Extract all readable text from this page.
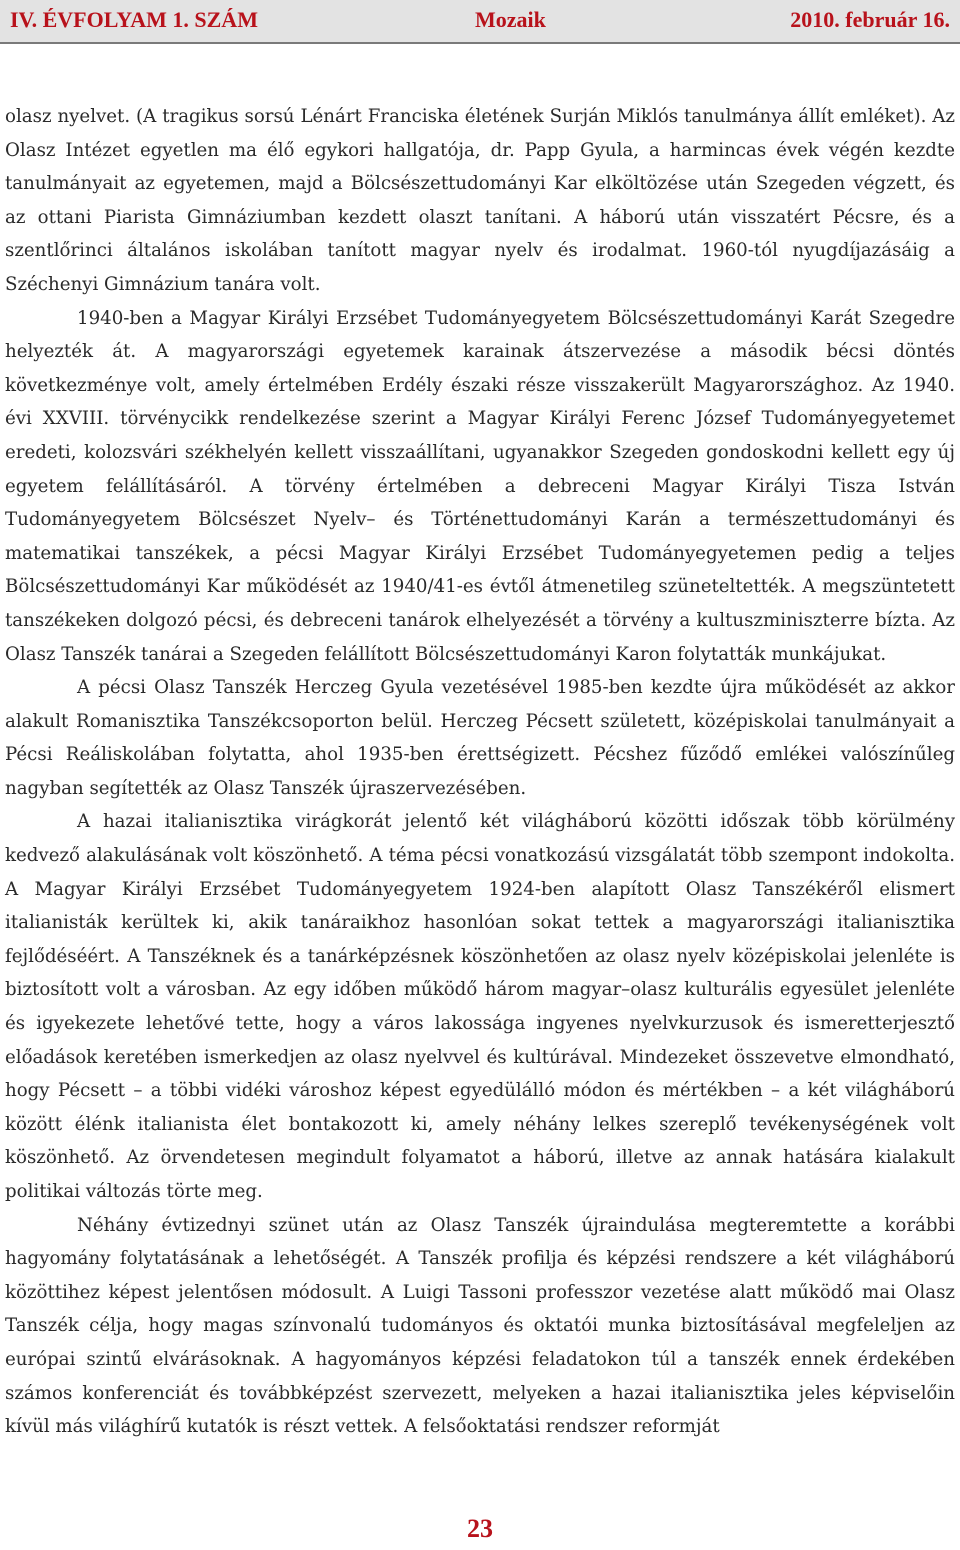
IV. ÉVFOLYAM 1. SZÁM	Mozaik	2010. február 16.

olasz nyelvet. (A tragikus sorsú Lénárt Franciska életének Surján Miklós tanulmánya állít emléket). Az Olasz Intézet egyetlen ma élő egykori hallgatója, dr. Papp Gyula, a harmincas évek végén kezdte tanulmányait az egyetemen, majd a Bölcsészettudományi Kar elköltözése után Szegeden végzett, és az ottani Piarista Gimnáziumban kezdett olaszt tanítani. A háború után visszatért Pécsre, és a szentlőrinci általános iskolában tanított magyar nyelv és irodalmat. 1960-tól nyugdíjazásáig a Széchenyi Gimnázium tanára volt.

1940-ben a Magyar Királyi Erzsébet Tudományegyetem Bölcsészettudományi Karát Szegedre helyezték át. A magyarországi egyetemek karainak átszervezése a második bécsi döntés következménye volt, amely értelmében Erdély északi része visszakerült Magyarországhoz. Az 1940. évi XXVIII. törvénycikk rendelkezése szerint a Magyar Királyi Ferenc József Tudományegyetemet eredeti, kolozsvári székhelyén kellett visszaállítani, ugyanakkor Szegeden gondoskodni kellett egy új egyetem felállításáról. A törvény értelmében a debreceni Magyar Királyi Tisza István Tudományegyetem Bölcsészet Nyelv– és Történettudományi Karán a természettudományi és matematikai tanszékek, a pécsi Magyar Királyi Erzsébet Tudományegyetemen pedig a teljes Bölcsészettudományi Kar működését az 1940/41-es évtől átmenetileg szüneteltették. A megszüntetett tanszékeken dolgozó pécsi, és debreceni tanárok elhelyezését a törvény a kultuszminiszterre bízta. Az Olasz Tanszék tanárai a Szegeden felállított Bölcsészettudományi Karon folytatták munkájukat.

A pécsi Olasz Tanszék Herczeg Gyula vezetésével 1985-ben kezdte újra működését az akkor alakult Romanisztika Tanszékcsoporton belül. Herczeg Pécsett született, középiskolai tanulmányait a Pécsi Reáliskolában folytatta, ahol 1935-ben érettségizett. Pécshez fűződő emlékei valószínűleg nagyban segítették az Olasz Tanszék újraszervezésében.

A hazai italianisztika virágkorát jelentő két világháború közötti időszak több körülmény kedvező alakulásának volt köszönhető. A téma pécsi vonatkozású vizsgálatát több szempont indokolta. A Magyar Királyi Erzsébet Tudományegyetem 1924-ben alapított Olasz Tanszékéről elismert italianisták kerültek ki, akik tanáraikhoz hasonlóan sokat tettek a magyarországi italianisztika fejlődéséért. A Tanszéknek és a tanárképzésnek köszönhetően az olasz nyelv középiskolai jelenléte is biztosított volt a városban. Az egy időben működő három magyar–olasz kulturális egyesület jelenléte és igyekezete lehetővé tette, hogy a város lakossága ingyenes nyelvkurzusok és ismeretterjesztő előadások keretében ismerkedjen az olasz nyelvvel és kultúrával. Mindezeket összevetve elmondható, hogy Pécsett – a többi vidéki városhoz képest egyedülálló módon és mértékben – a két világháború között élénk italianista élet bontakozott ki, amely néhány lelkes szereplő tevékenységének volt köszönhető. Az örvendetesen megindult folyamatot a háború, illetve az annak hatására kialakult politikai változás törte meg.

Néhány évtizednyi szünet után az Olasz Tanszék újraindulása megteremtette a korábbi hagyomány folytatásának a lehetőségét. A Tanszék profilja és képzési rendszere a két világháború közöttihez képest jelentősen módosult. A Luigi Tassoni professzor vezetése alatt működő mai Olasz Tanszék célja, hogy magas színvonalú tudományos és oktatói munka biztosításával megfeleljen az európai szintű elvárásoknak. A hagyományos képzési feladatokon túl a tanszék ennek érdekében számos konferenciát és továbbképzést szervezett, melyeken a hazai italianisztika jeles képviselőin kívül más világhírű kutatók is részt vettek. A felsőoktatási rendszer reformját

23
